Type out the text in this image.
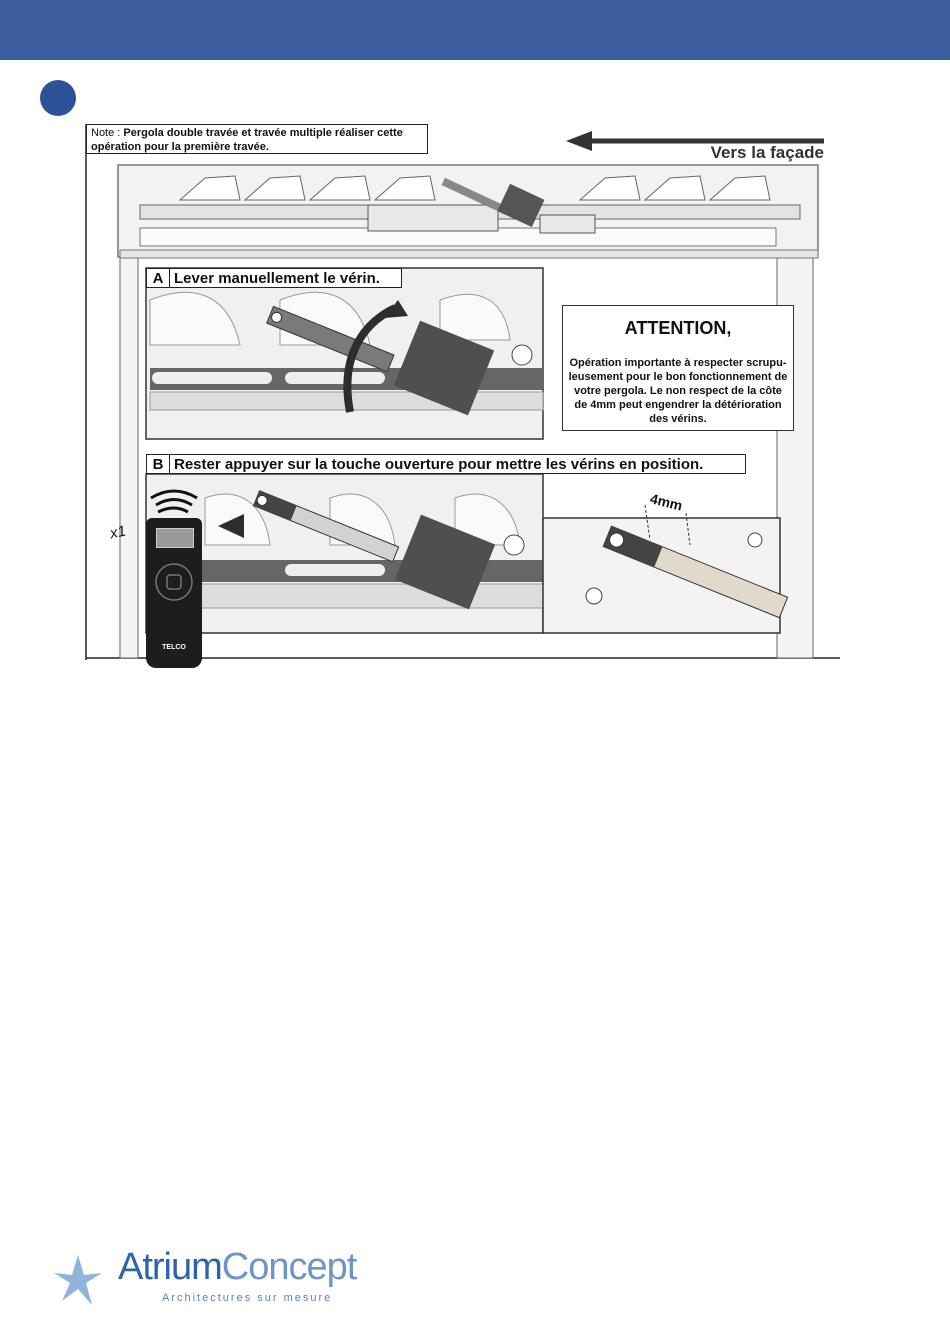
Note : Pergola double travée et travée multiple réaliser cette
opération pour la première travée.	Vers la façade
A Lever manuellement le vérin.
B Rester appuyer sur la touche ouverture pour mettre les vérins en position.
ATTENTION,
Opération importante à respecter scrupu-
leusement pour le bon fonctionnement de
votre pergola. Le non respect de la côte
de 4mm peut engendrer la détérioration
des vérins.
4mm
TELCO
x1
AtriumConcept
Architectures sur mesure
